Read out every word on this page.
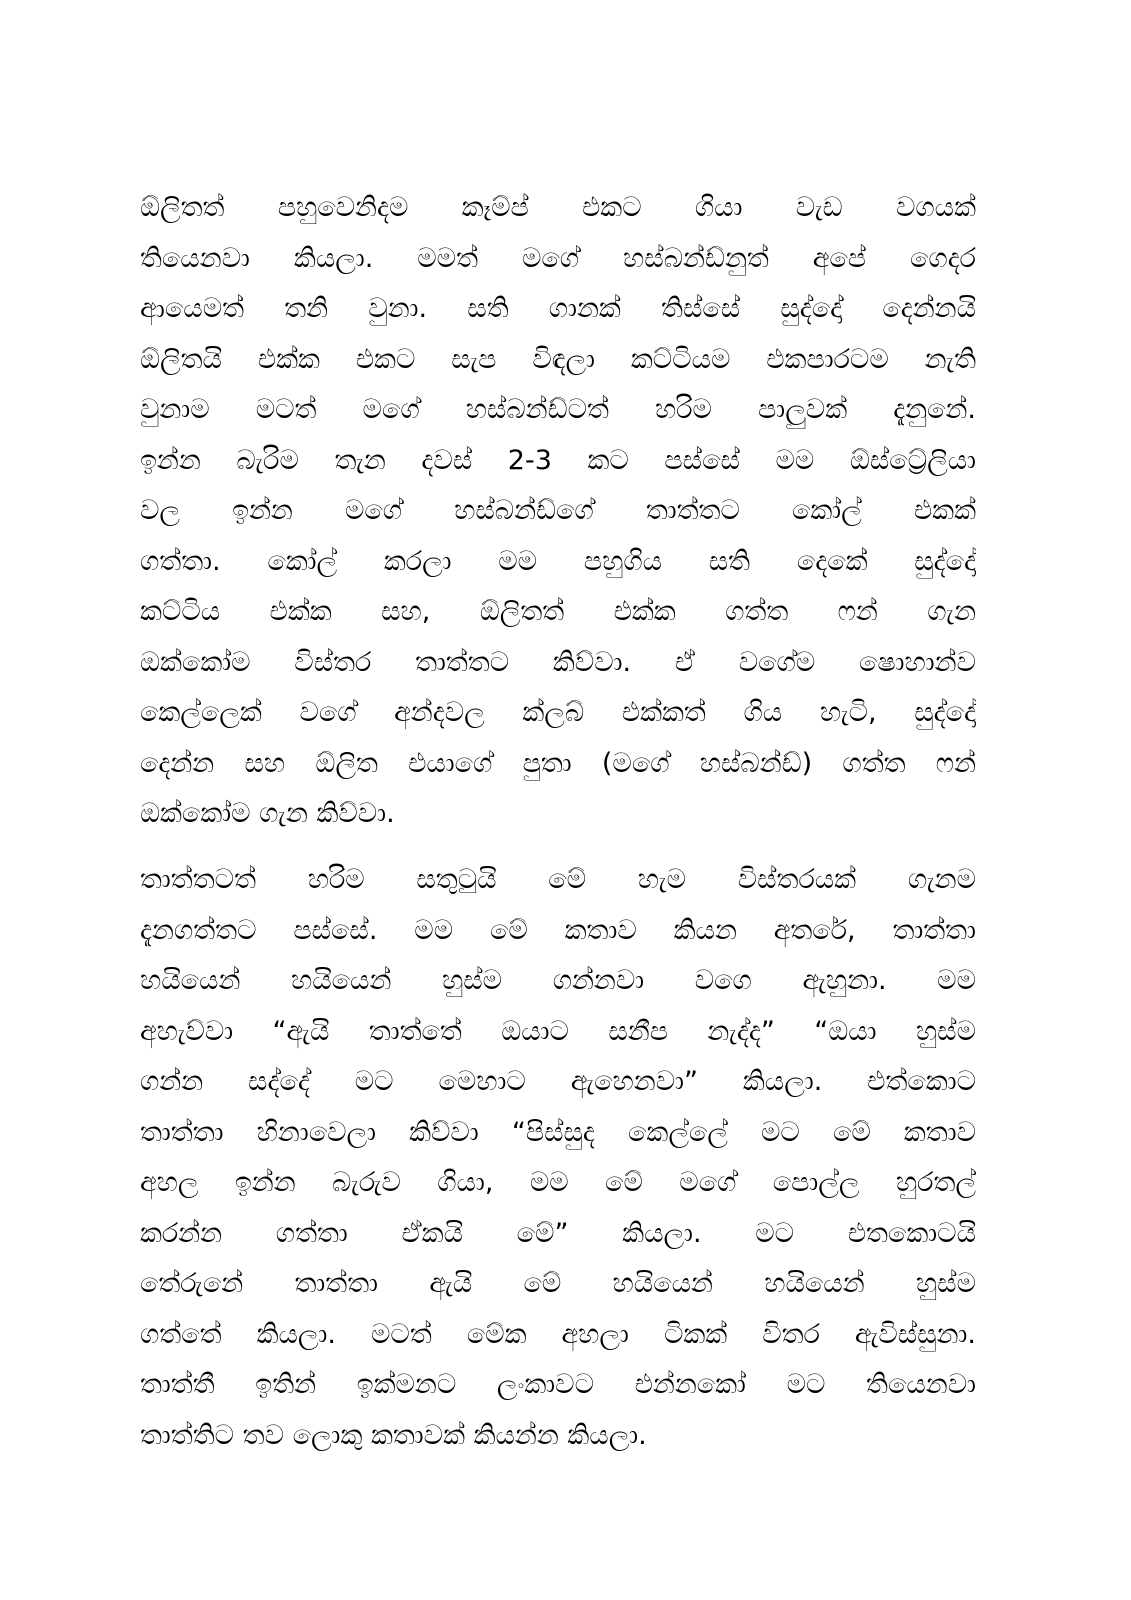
ඕලිතත් පහුවෙනිදම කෑම්ප් එකට ගියා වැඩ වගයක්
තියෙනවා කියලා. මමත් මගේ හස්බන්ඩ්නුත් අපේ ගෙදර
ආයෙමත් තනි වුනා. සති ගානක් තිස්සේ සුද්දෝ දෙන්නයි
ඕලිතයි එක්ක එකට සැප විඳලා කට්ටියම එකපාරටම නැති
වුනාම මටත් මගේ හස්බන්ඩ්ටත් හරිම පාලුවක් දැනුනේ.
ඉන්න බැරිම තැන දවස් 2-3 කට පස්සේ මම ඕස්ට්‍රේලියා
වල ඉන්න මගේ හස්බන්ඩ්ගේ තාත්තට කෝල් එකක්
ගත්තා. කෝල් කරලා මම පහුගිය සති දෙකේ සුද්දෝ
කට්ටිය එක්ක සහ, ඕලිතත් එක්ක ගත්ත ෆන් ගැන
ඔක්කෝම විස්තර තාත්තට කිව්වා. ඒ වගේම ෂොහාන්ව
කෙල්ලෙක් වගේ අන්දවල ක්ලබ් එක්කත් ගිය හැටි, සුද්දෝ
දෙන්න සහ ඕලිත එයාගේ පුතා (මගේ හස්බන්ඩ්) ගත්ත ෆන්
ඔක්කෝම ගැන කිව්වා.
තාත්තටත් හරිම සතුටුයි මේ හැම විස්තරයක් ගැනම
දැනගත්තට පස්සේ. මම මේ කතාව කියන අතරේ, තාත්තා
හයියෙන් හයියෙන් හුස්ම ගන්නවා වගෙ ඇහුනා. මම
අහැව්වා “ඇයි තාත්තේ ඔයාට සනීප නැද්ද” “ඔයා හුස්ම
ගන්න සද්දේ මට මෙහාට ඇහෙනවා” කියලා. එත්කොට
තාත්තා හිනාවෙලා කිව්වා “පිස්සුද කෙල්ලේ මට මේ කතාව
අහල ඉන්න බැරුව ගියා, මම මේ මගේ පොල්ල හුරතල්
කරන්න ගත්තා ඒකයි මේ” කියලා. මට එතකොටයි
තේරුනේ තාත්තා ඇයි මේ හයියෙන් හයියෙන් හුස්ම
ගත්තේ කියලා. මටත් මේක අහලා ටිකක් විතර ඇවිස්සුනා.
තාත්තී ඉතින් ඉක්මනට ලංකාවට එන්නකෝ මට තියෙනවා
තාත්තිට තව ලොකු කතාවක් කියන්න කියලා.
